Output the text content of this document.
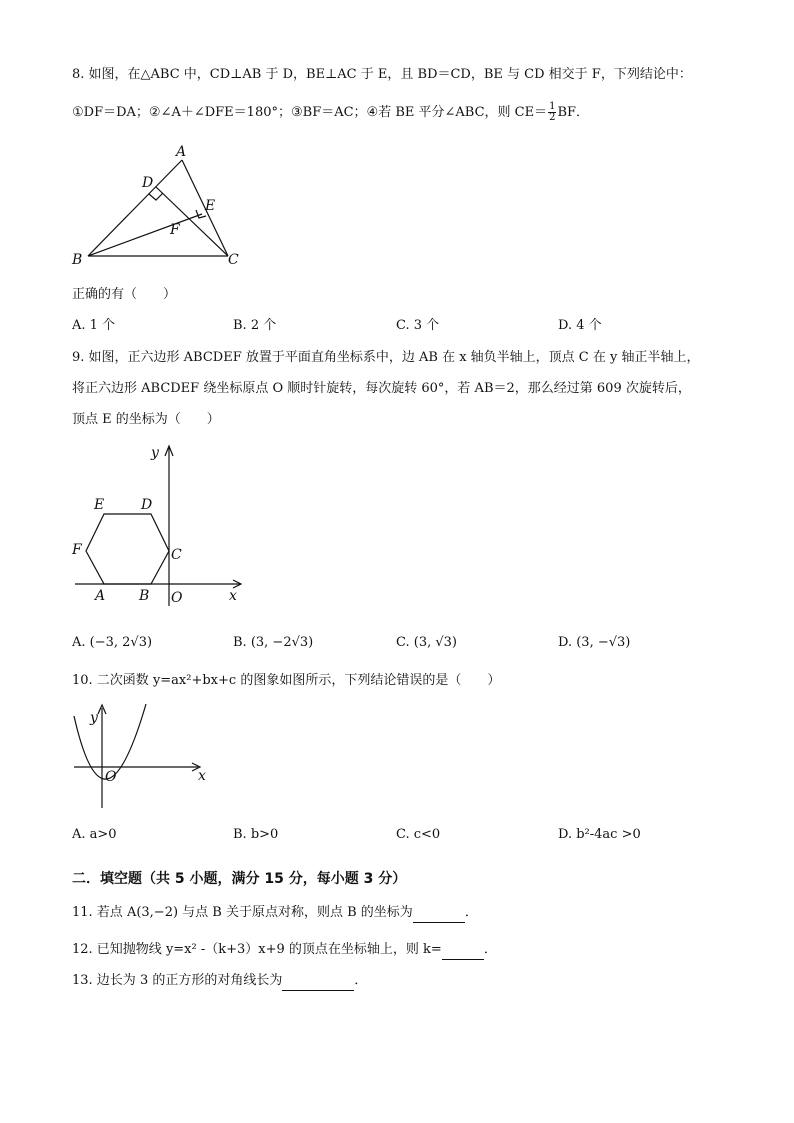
8. 如图，在△ABC 中，CD⊥AB 于 D，BE⊥AC 于 E，且 BD＝CD，BE 与 CD 相交于 F，下列结论中：
①DF＝DA；②∠A＋∠DFE＝180°；③BF＝AC；④若 BE 平分∠ABC，则 $CE= \frac{1}{2}$ BF．
A
B	C
D
E
F
正确的有（　　）
A. 1 个	B. 2 个	C. 3 个	D. 4 个
9. 如图，正六边形 ABCDEF 放置于平面直角坐标系中，边 AB 在 x 轴负半轴上，顶点 C 在 y 轴正半轴上，
将正六边形 ABCDEF 绕坐标原点 O 顺时针旋转，每次旋转 60°，若 AB＝2，那么经过第 609 次旋转后，
顶点 E 的坐标为（　　）
y
x
O
A B
C
D
E
F
A. (−3, 2√3)	B. (3, −2√3)	C. (3, √3)	D. (3, −√3)
10. 二次函数 y=ax²+bx+c 的图象如图所示，下列结论错误的是（　　）
y
x
O
A. a>0	B. b>0	C. c<0	D. b²-4ac >0
二．填空题（共 5 小题，满分 15 分，每小题 3 分）
11. 若点 A(3,−2) 与点 B 关于原点对称，则点 B 的坐标为	．
12. 已知抛物线 y=x² -（k+3）x+9 的顶点在坐标轴上，则 k=	．
13. 边长为 3 的正方形的对角线长为	．
